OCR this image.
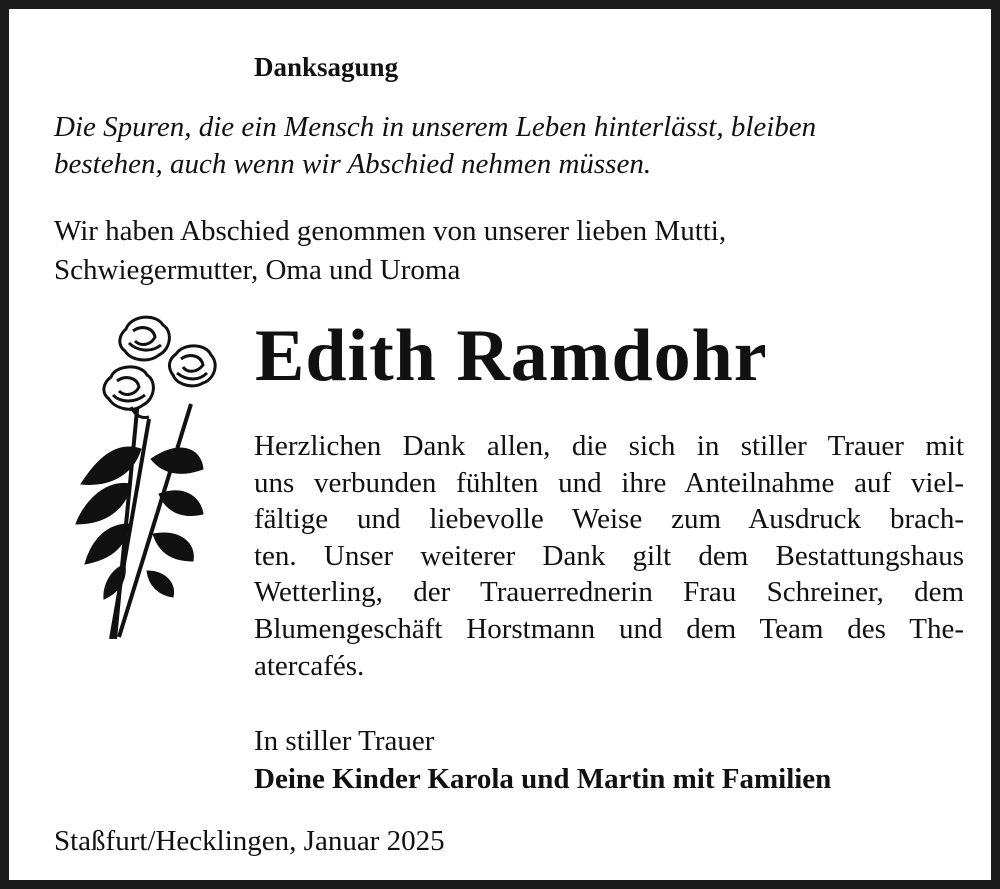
Danksagung

Die Spuren, die ein Mensch in unserem Leben hinterlässt, bleiben

bestehen, auch wenn wir Abschied nehmen müssen.

Wir haben Abschied genommen von unserer lieben Mutti,

Schwiegermutter, Oma und Uroma

Edith Ramdohr

Herzlichen Dank allen, die sich in stiller Trauer mit
uns verbunden fühlten und ihre Anteilnahme auf viel-
fältige und liebevolle Weise zum Ausdruck brach-
ten. Unser weiterer Dank gilt dem Bestattungshaus
Wetterling, der Trauerrednerin Frau Schreiner, dem
Blumengeschäft Horstmann und dem Team des The-

atercafés.

In stiller Trauer

Deine Kinder Karola und Martin mit Familien

Staßfurt/Hecklingen, Januar 2025
